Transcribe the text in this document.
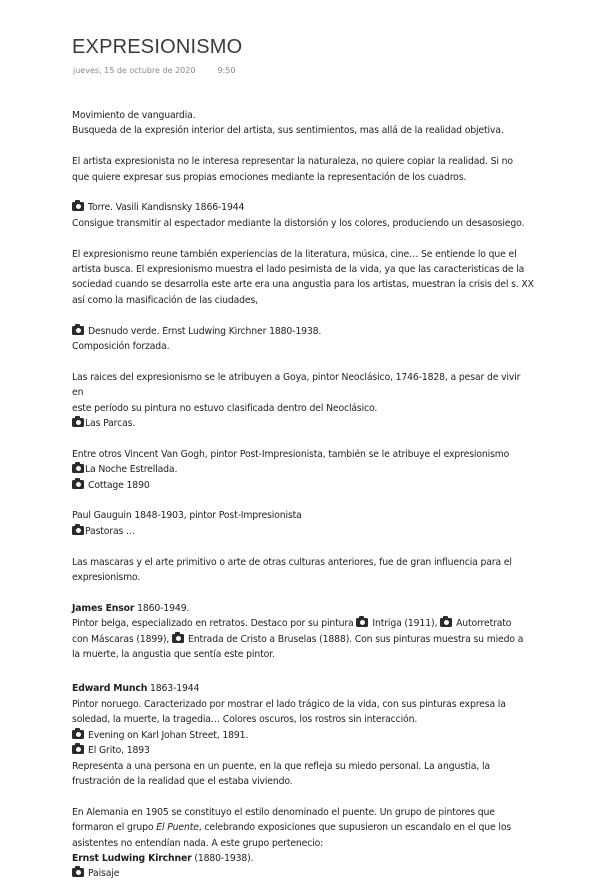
EXPRESIONISMO
jueves, 15 de octubre de 2020	9:50

Movimiento de vanguardia.

Busqueda de la expresión interior del artista, sus sentimientos, mas allá de la realidad objetiva.

El artista expresionista no le interesa representar la naturaleza, no quiere copiar la realidad. Si no

que quiere expresar sus propias emociones mediante la representación de los cuadros.

Torre. Vasili Kandisnsky 1866-1944

Consigue transmitir al espectador mediante la distorsión y los colores, produciendo un desasosiego.

El expresionismo reune también experiencias de la literatura, música, cine… Se entiende lo que el

artista busca. El expresionismo muestra el lado pesimista de la vida, ya que las caracteristicas de la

sociedad cuando se desarrolla este arte era una angustia para los artistas, muestran la crisis del s. XX

así como la masificación de las ciudades,

Desnudo verde. Ernst Ludwing Kirchner 1880-1938.

Composición forzada.

Las raices del expresionismo se le atribuyen a Goya, pintor Neoclásico, 1746-1828, a pesar de vivir en

este período su pintura no estuvo clasificada dentro del Neoclásico.

Las Parcas.

Entre otros Vincent Van Gogh, pintor Post-Impresionista, también se le atribuye el expresionismo

La Noche Estrellada.

Cottage 1890

Paul Gauguin 1848-1903, pintor Post-Impresionista

Pastoras …

Las mascaras y el arte primitivo o arte de otras culturas anteriores, fue de gran influencia para el

expresionismo.

James Ensor 1860-1949.

Pintor belga, especializado en retratos. Destaco por su pintura Intriga (1911), Autorretrato

con Máscaras (1899), Entrada de Cristo a Bruselas (1888). Con sus pinturas muestra su miedo a

la muerte, la angustia que sentía este pintor.

Edward Munch 1863-1944

Pintor noruego. Caracterizado por mostrar el lado trágico de la vida, con sus pinturas expresa la

soledad, la muerte, la tragedia… Colores oscuros, los rostros sin interacción.

Evening on Karl Johan Street, 1891.

El Grito, 1893

Representa a una persona en un puente, en la que refleja su miedo personal. La angustia, la

frustración de la realidad que el estaba viviendo.

En Alemania en 1905 se constituyo el estilo denominado el puente. Un grupo de pintores que

formaron el grupo El Puente, celebrando exposiciones que supusieron un escandalo en el que los

asistentes no entendían nada. A este grupo pertenecio:

Ernst Ludwing Kirchner (1880-1938).

Paisaje
